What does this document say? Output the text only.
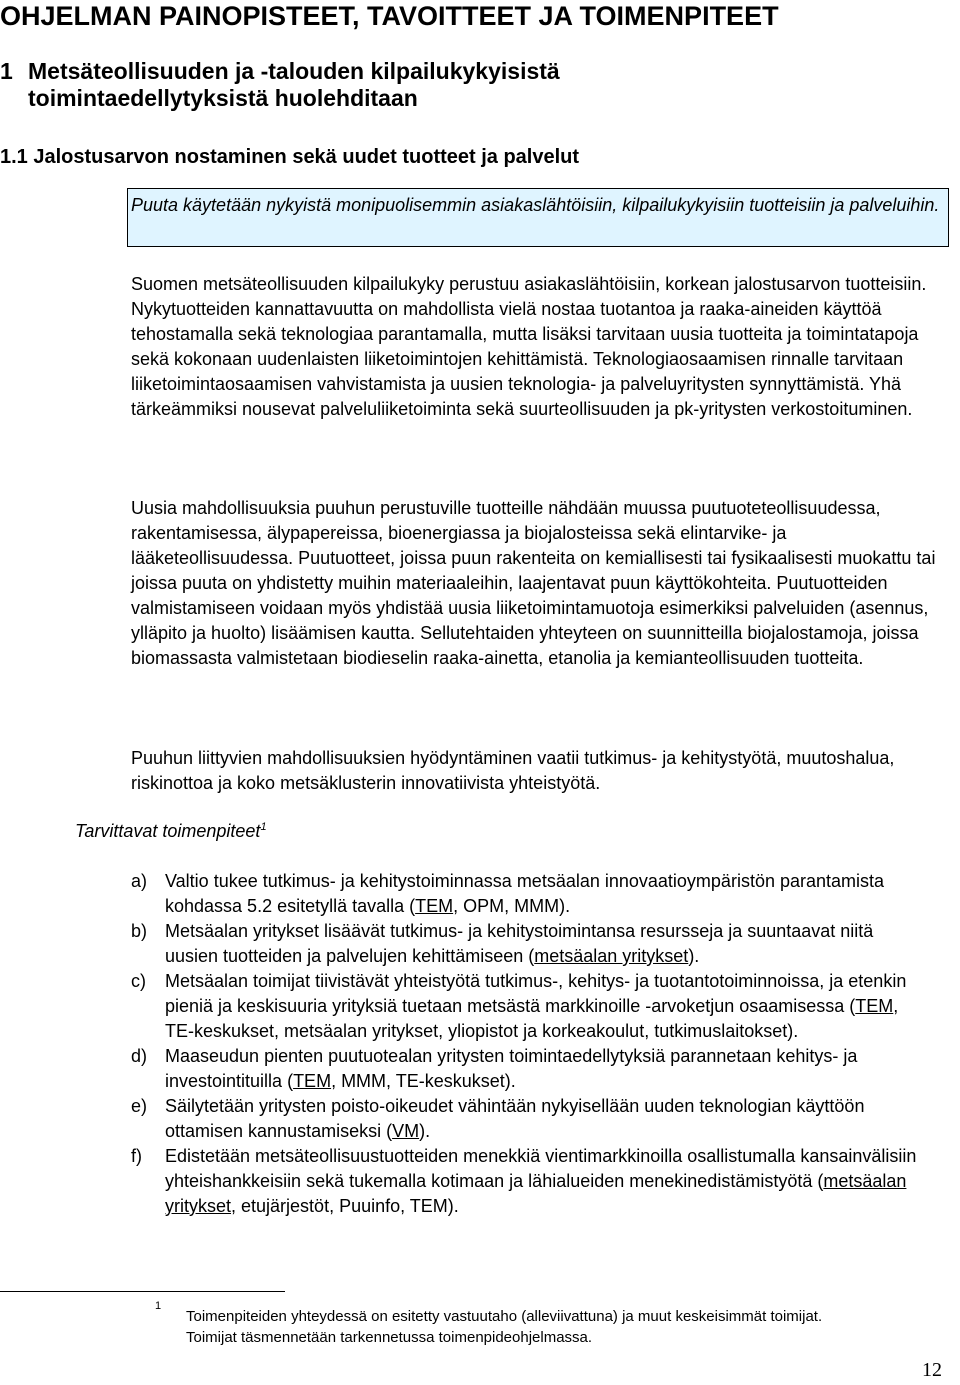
OHJELMAN PAINOPISTEET, TAVOITTEET JA TOIMENPITEET
1 Metsäteollisuuden ja -talouden kilpailukykyisistä
toimintaedellytyksistä huolehditaan
1.1 Jalostusarvon nostaminen sekä uudet tuotteet ja palvelut
Puuta käytetään nykyistä monipuolisemmin asiakaslähtöisiin, kilpailukykyisiin tuotteisiin ja palveluihin.
Suomen metsäteollisuuden kilpailukyky perustuu asiakaslähtöisiin, korkean jalostusarvon tuotteisiin. Nykytuotteiden kannattavuutta on mahdollista vielä nostaa tuotantoa ja raaka-aineiden käyttöä tehostamalla sekä teknologiaa parantamalla, mutta lisäksi tarvitaan uusia tuotteita ja toimintatapoja sekä kokonaan uudenlaisten liiketoimintojen kehittämistä. Teknologiaosaamisen rinnalle tarvitaan liiketoimintaosaamisen vahvistamista ja uusien teknologia- ja palveluyritysten synnyttämistä. Yhä tärkeämmiksi nousevat palveluliiketoiminta sekä suurteollisuuden ja pk-yritysten verkostoituminen.
Uusia mahdollisuuksia puuhun perustuville tuotteille nähdään muussa puutuoteteollisuudessa, rakentamisessa, älypapereissa, bioenergiassa ja biojalosteissa sekä elintarvike- ja lääketeollisuudessa. Puutuotteet, joissa puun rakenteita on kemiallisesti tai fysikaalisesti muokattu tai joissa puuta on yhdistetty muihin materiaaleihin, laajentavat puun käyttökohteita. Puutuotteiden valmistamiseen voidaan myös yhdistää uusia liiketoimintamuotoja esimerkiksi palveluiden (asennus, ylläpito ja huolto) lisäämisen kautta. Sellutehtaiden yhteyteen on suunnitteilla biojalostamoja, joissa biomassasta valmistetaan biodieselin raaka-ainetta, etanolia ja kemianteollisuuden tuotteita.
Puuhun liittyvien mahdollisuuksien hyödyntäminen vaatii tutkimus- ja kehitystyötä, muutoshalua, riskinottoa ja koko metsäklusterin innovatiivista yhteistyötä.
Tarvittavat toimenpiteet$^1$
a) Valtio tukee tutkimus- ja kehitystoiminnassa metsäalan innovaatioympäristön parantamista kohdassa 5.2 esitetyllä tavalla (TEM, OPM, MMM).
b) Metsäalan yritykset lisäävät tutkimus- ja kehitystoimintansa resursseja ja suuntaavat niitä uusien tuotteiden ja palvelujen kehittämiseen (metsäalan yritykset).
c)	Metsäalan toimijat tiivistävät yhteistyötä tutkimus-, kehitys- ja tuotantotoiminnoissa, ja etenkin pieniä ja keskisuuria yrityksiä tuetaan metsästä markkinoille -arvoketjun osaamisessa (TEM, TE-keskukset, metsäalan yritykset, yliopistot ja korkeakoulut, tutkimuslaitokset).
d) Maaseudun pienten puutuotealan yritysten toimintaedellytyksiä parannetaan kehitys- ja investointituilla (TEM, MMM, TE-keskukset).
e) Säilytetään yritysten poisto-oikeudet vähintään nykyisellään uuden teknologian käyttöön ottamisen kannustamiseksi (VM).
f)	Edistetään metsäteollisuustuotteiden menekkiä vientimarkkinoilla osallistumalla kansainvälisiin yhteishankkeisiin sekä tukemalla kotimaan ja lähialueiden menekinedistämistyötä (metsäalan yritykset, etujärjestöt, Puuinfo, TEM).
1
Toimenpiteiden yhteydessä on esitetty vastuutaho (alleviivattuna) ja muut keskeisimmät toimijat.
Toimijat täsmennetään tarkennetussa toimenpideohjelmassa.
12
